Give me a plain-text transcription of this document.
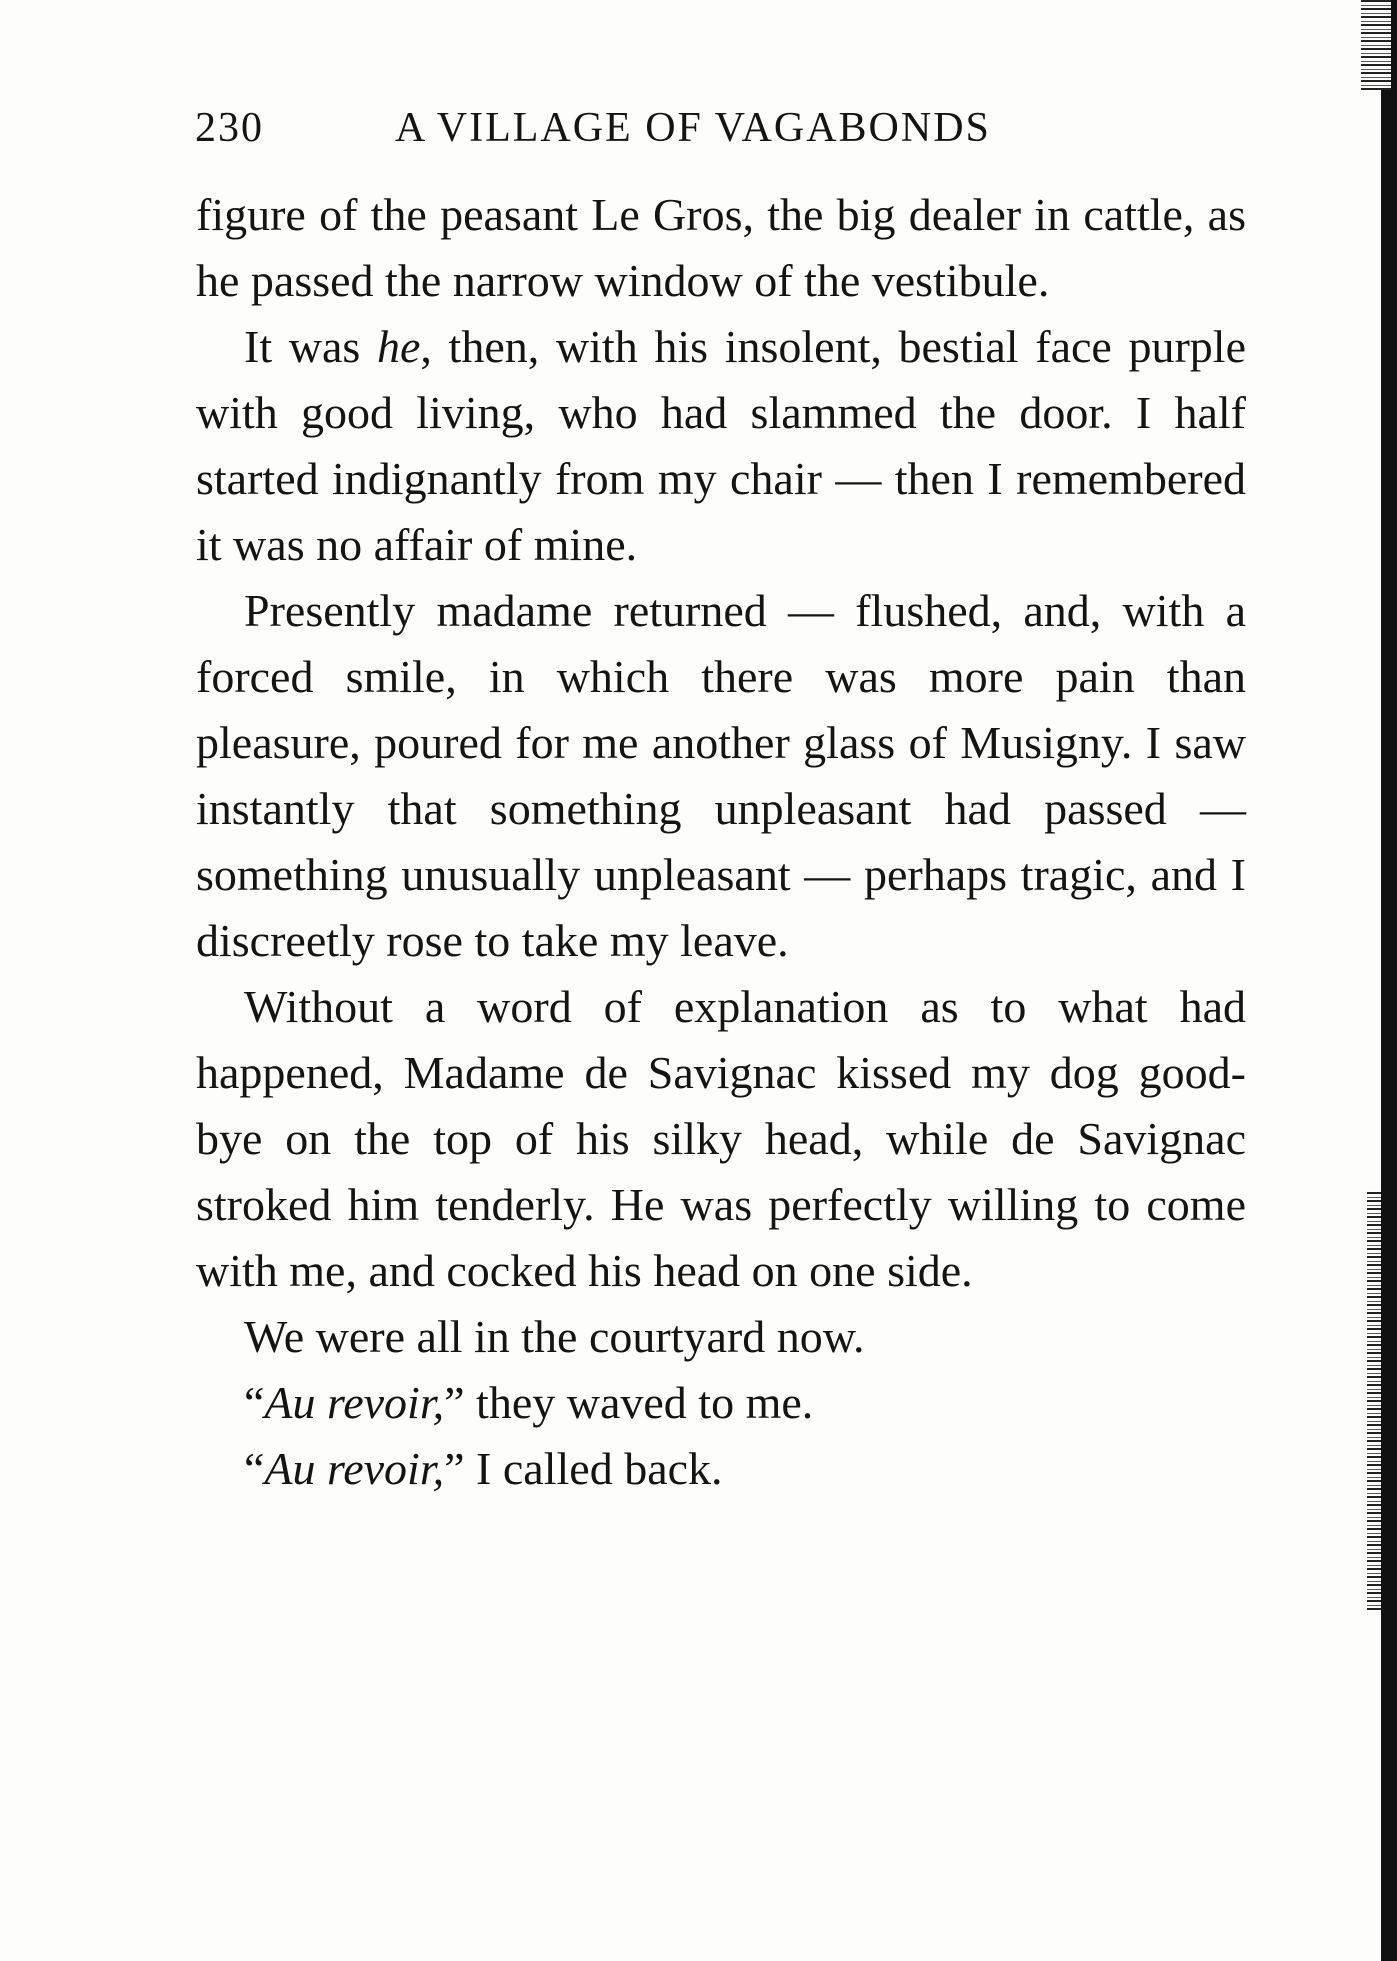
230	A VILLAGE OF VAGABONDS

figure of the peasant Le Gros, the big dealer in cattle, as he passed the narrow window of the vestibule.

It was he, then, with his insolent, bestial face purple with good living, who had slammed the door. I half started indignantly from my chair — then I remembered it was no affair of mine.

Presently madame returned — flushed, and, with a forced smile, in which there was more pain than pleasure, poured for me another glass of Musigny. I saw instantly that something unpleasant had passed — something unusually unpleasant — perhaps tragic, and I discreetly rose to take my leave.

Without a word of explanation as to what had happened, Madame de Savignac kissed my dog good-bye on the top of his silky head, while de Savignac stroked him tenderly. He was perfectly willing to come with me, and cocked his head on one side.

We were all in the courtyard now.

“Au revoir,” they waved to me.

“Au revoir,” I called back.
